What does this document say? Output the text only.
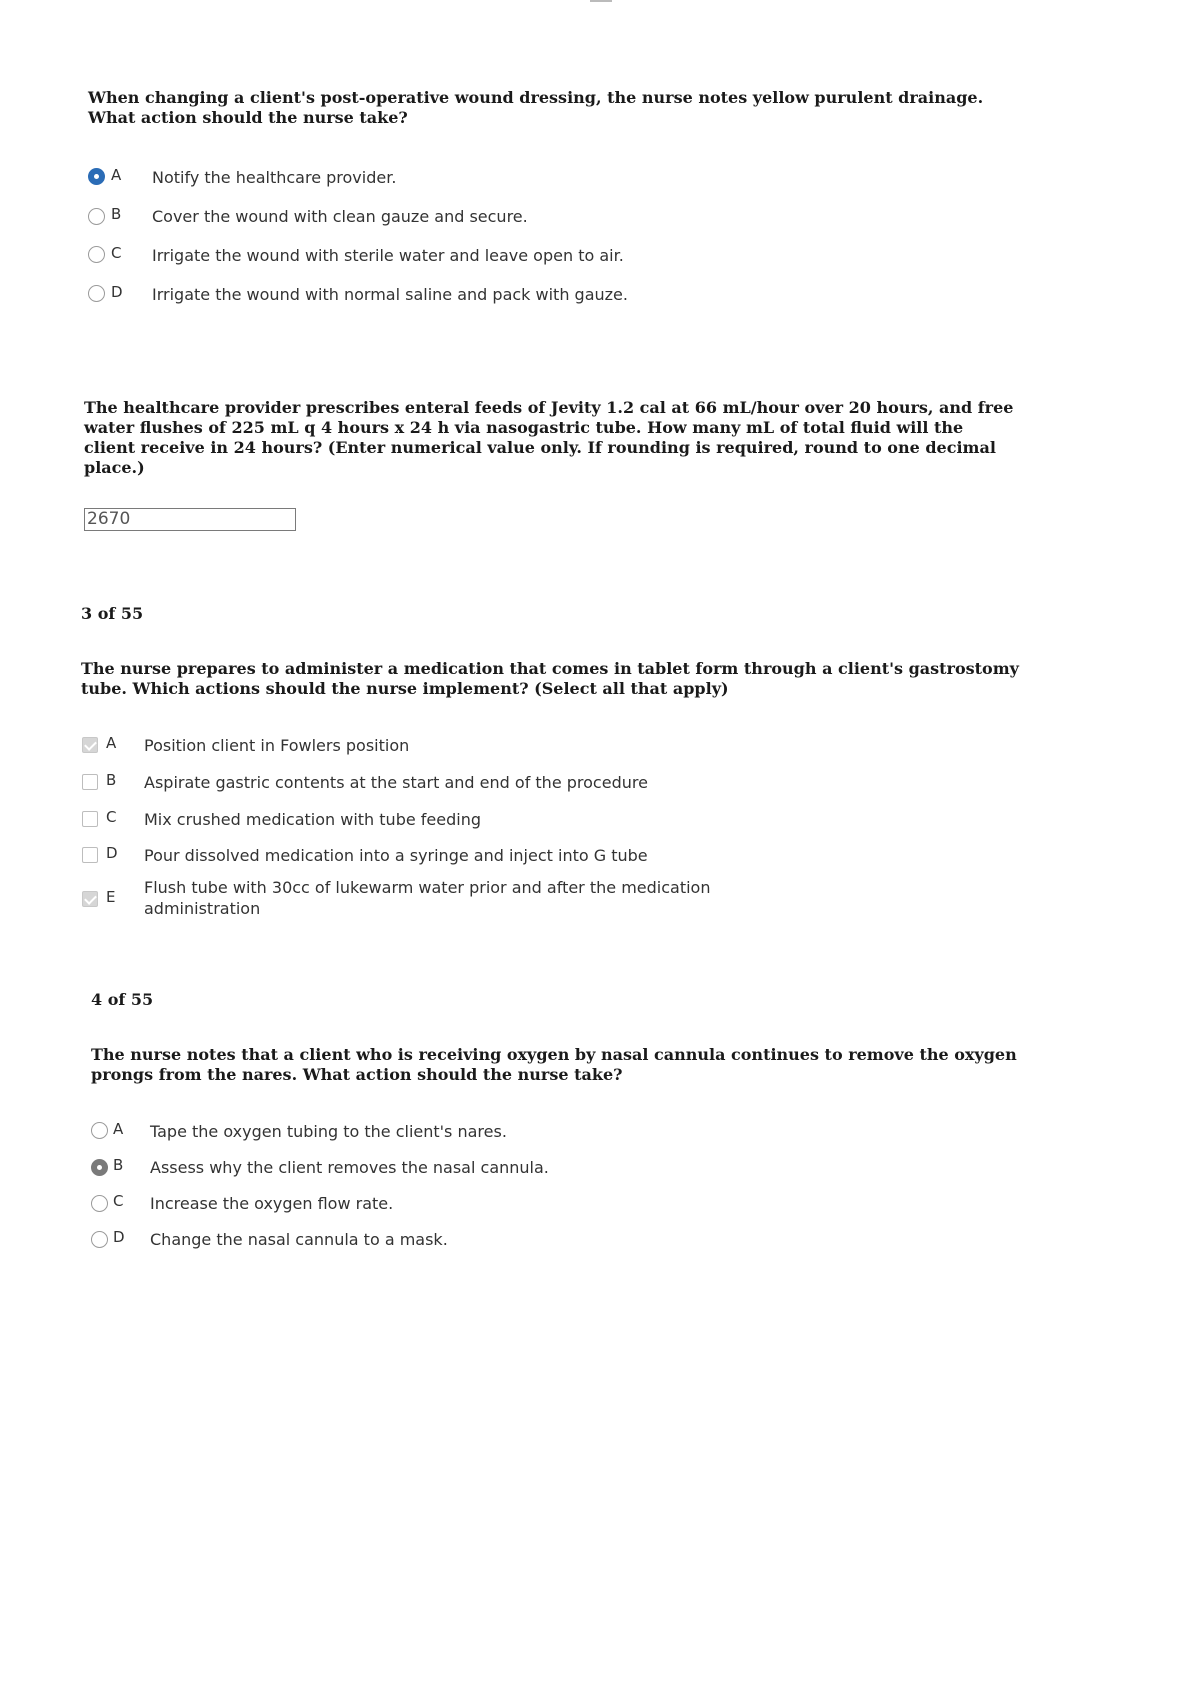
When changing a client's post-operative wound dressing, the nurse notes yellow purulent drainage.
What action should the nurse take?

A Notify the healthcare provider.
B Cover the wound with clean gauze and secure.
C Irrigate the wound with sterile water and leave open to air.
D Irrigate the wound with normal saline and pack with gauze.

The healthcare provider prescribes enteral feeds of Jevity 1.2 cal at 66 mL/hour over 20 hours, and free
water flushes of 225 mL q 4 hours x 24 h via nasogastric tube. How many mL of total fluid will the
client receive in 24 hours? (Enter numerical value only. If rounding is required, round to one decimal
place.)

2670

3 of 55

The nurse prepares to administer a medication that comes in tablet form through a client's gastrostomy
tube. Which actions should the nurse implement? (Select all that apply)

A Position client in Fowlers position
B Aspirate gastric contents at the start and end of the procedure
C Mix crushed medication with tube feeding
D Pour dissolved medication into a syringe and inject into G tube
E Flush tube with 30cc of lukewarm water prior and after the medication
administration

4 of 55

The nurse notes that a client who is receiving oxygen by nasal cannula continues to remove the oxygen
prongs from the nares. What action should the nurse take?

A Tape the oxygen tubing to the client's nares.
B Assess why the client removes the nasal cannula.
C Increase the oxygen flow rate.
D Change the nasal cannula to a mask.
